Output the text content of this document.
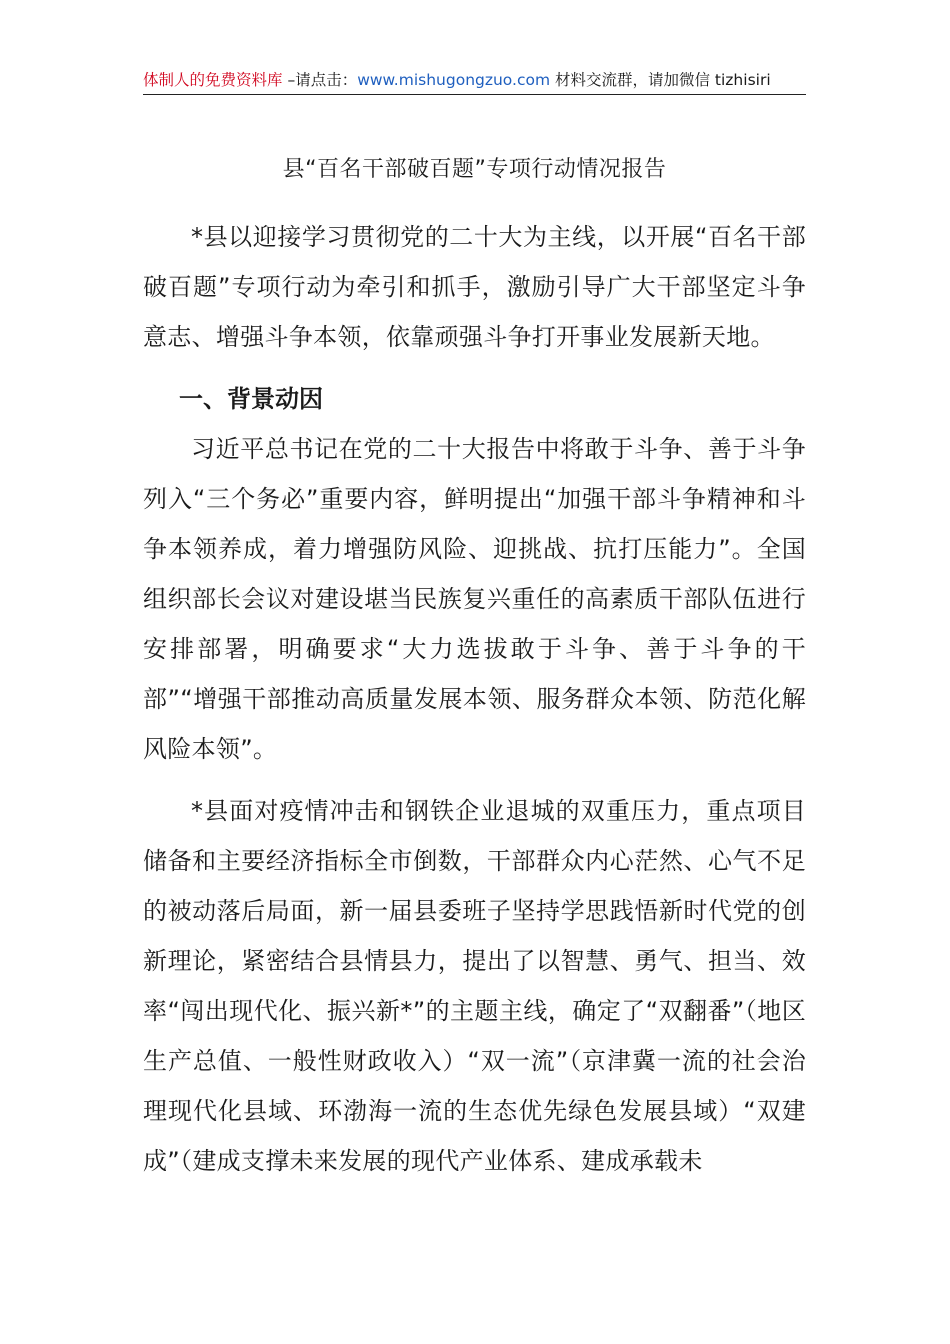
体制人的免费资料库 –请点击：www.mishugongzuo.com 材料交流群，请加微信 tizhisiri
县“百名干部破百题”专项行动情况报告

*县以迎接学习贯彻党的二十大为主线，以开展“百名干部破百题”专项行动为牵引和抓手，激励引导广大干部坚定斗争意志、增强斗争本领，依靠顽强斗争打开事业发展新天地。

一、背景动因

习近平总书记在党的二十大报告中将敢于斗争、善于斗争列入“三个务必”重要内容，鲜明提出“加强干部斗争精神和斗争本领养成，着力增强防风险、迎挑战、抗打压能力”。全国组织部长会议对建设堪当民族复兴重任的高素质干部队伍进行安排部署，明确要求“大力选拔敢于斗争、善于斗争的干部”“增强干部推动高质量发展本领、服务群众本领、防范化解风险本领”。

*县面对疫情冲击和钢铁企业退城的双重压力，重点项目储备和主要经济指标全市倒数，干部群众内心茫然、心气不足的被动落后局面，新一届县委班子坚持学思践悟新时代党的创新理论，紧密结合县情县力，提出了以智慧、勇气、担当、效率“闯出现代化、振兴新*”的主题主线，确定了“双翻番”（地区生产总值、一般性财政收入）“双一流”（京津冀一流的社会治理现代化县域、环渤海一流的生态优先绿色发展县域）“双建成”（建成支撑未来发展的现代产业体系、建成承载未
